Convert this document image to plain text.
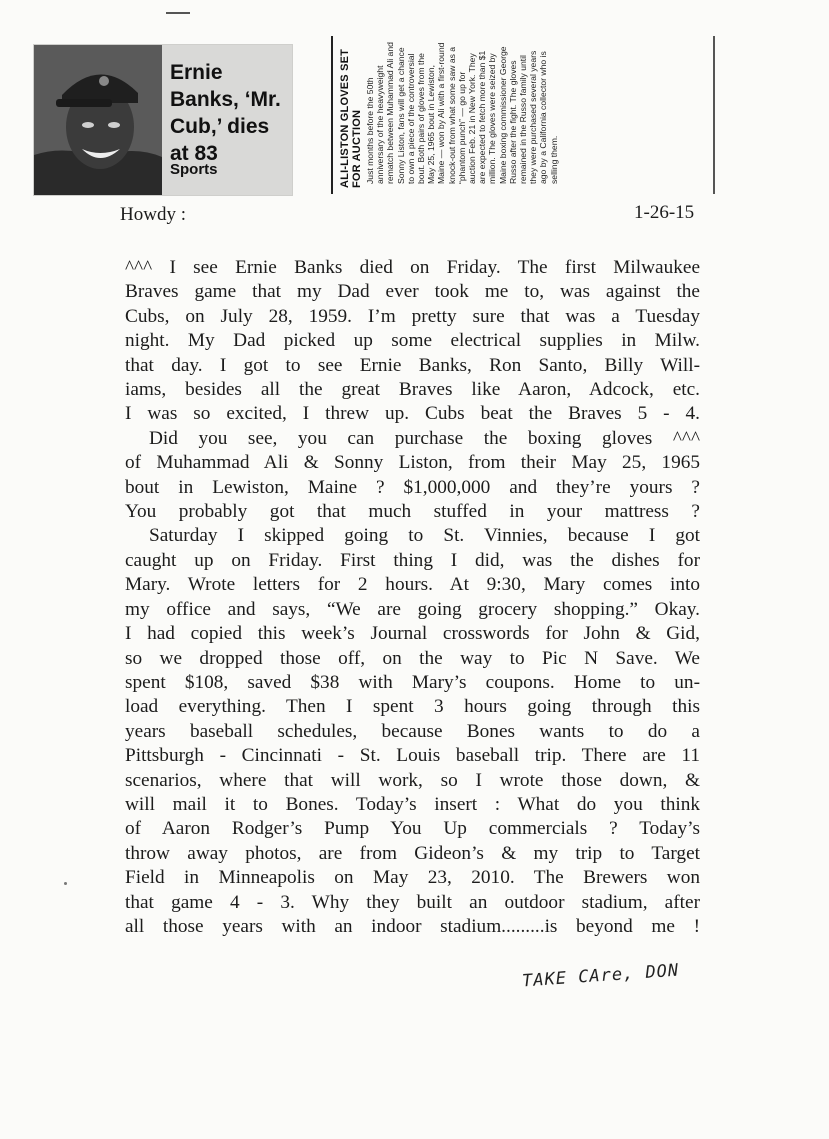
Ernie Banks, ‘Mr. Cub,’ dies at 83
Sports	ALI-LISTON GLOVES SET FOR AUCTION Just months before the 50th anniversary of the heavyweight rematch between Muhammad Ali and Sonny Liston, fans will get a chance to own a piece of the controversial bout. Both pairs of gloves from the May 25, 1965 bout in Lewiston, Maine — won by Ali with a first-round knock-out from what some saw as a “phantom punch” — go up for auction Feb. 21 in New York. They are expected to fetch more than $1 million. The gloves were seized by Maine boxing commissioner George Russo after the fight. The gloves remained in the Russo family until they were purchased several years ago by a California collector who is selling them.
Howdy :	1-26-15
^^^ I see Ernie Banks died on Friday. The first Milwaukee
Braves game that my Dad ever took me to, was against the
Cubs, on July 28, 1959. I’m pretty sure that was a Tuesday
night. My Dad picked up some electrical supplies in Milw.
that day. I got to see Ernie Banks, Ron Santo, Billy Will-
iams, besides all the great Braves like Aaron, Adcock, etc.
I was so excited, I threw up. Cubs beat the Braves 5 - 4.
Did you see, you can purchase the boxing gloves ^^^
of Muhammad Ali & Sonny Liston, from their May 25, 1965
bout in Lewiston, Maine ? $1,000,000 and they’re yours ?
You probably got that much stuffed in your mattress ?
Saturday I skipped going to St. Vinnies, because I got
caught up on Friday. First thing I did, was the dishes for
Mary. Wrote letters for 2 hours. At 9:30, Mary comes into
my office and says, “We are going grocery shopping.” Okay.
I had copied this week’s Journal crosswords for John & Gid,
so we dropped those off, on the way to Pic N Save. We
spent $108, saved $38 with Mary’s coupons. Home to un-
load everything. Then I spent 3 hours going through this
years baseball schedules, because Bones wants to do a
Pittsburgh - Cincinnati - St. Louis baseball trip. There are 11
scenarios, where that will work, so I wrote those down, &
will mail it to Bones. Today’s insert : What do you think
of Aaron Rodger’s Pump You Up commercials ? Today’s
throw away photos, are from Gideon’s & my trip to Target
Field in Minneapolis on May 23, 2010. The Brewers won
that game 4 - 3. Why they built an outdoor stadium, after
all those years with an indoor stadium.........is beyond me !
TAKE CAre, DON
